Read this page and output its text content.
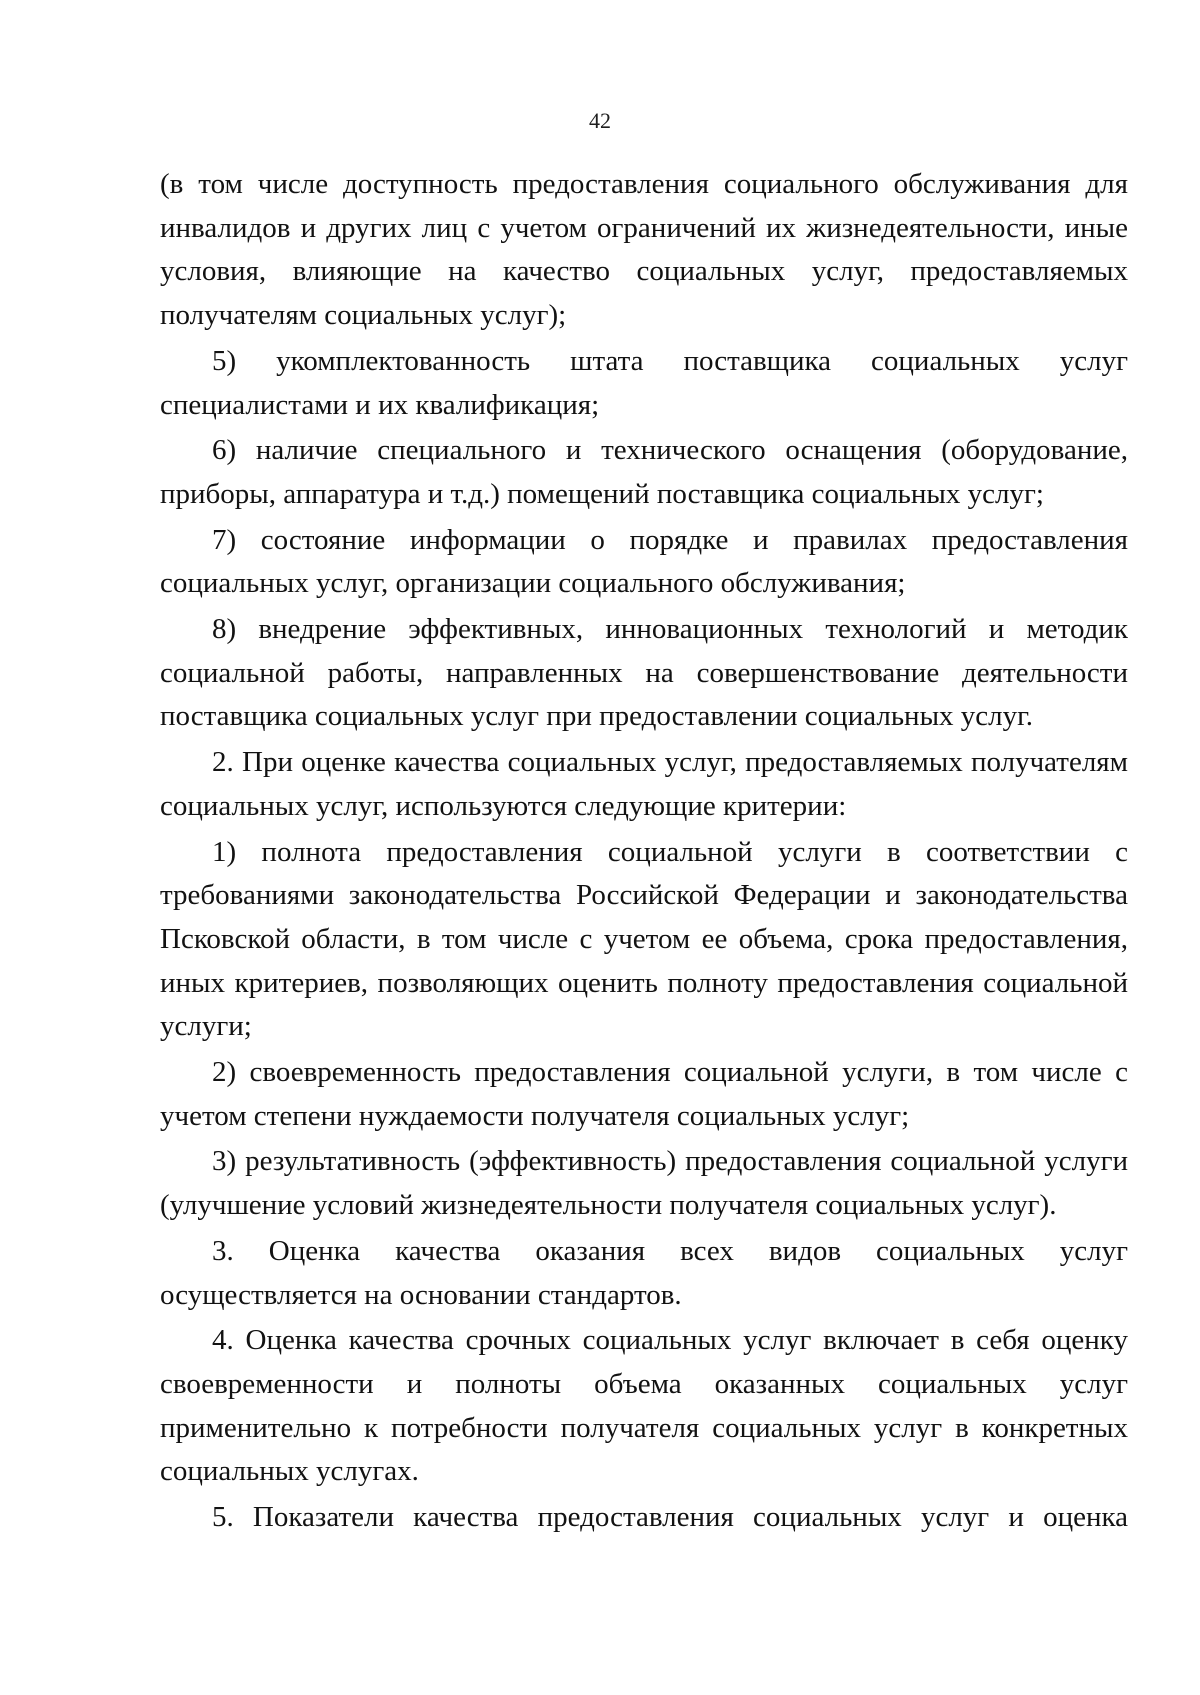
42

(в том числе доступность предоставления социального обслуживания для инвалидов и других лиц с учетом ограничений их жизнедеятельности, иные условия, влияющие на качество социальных услуг, предоставляемых получателям социальных услуг);

5) укомплектованность штата поставщика социальных услуг специалистами и их квалификация;

6) наличие специального и технического оснащения (оборудование, приборы, аппаратура и т.д.) помещений поставщика социальных услуг;

7) состояние информации о порядке и правилах предоставления социальных услуг, организации социального обслуживания;

8) внедрение эффективных, инновационных технологий и методик социальной работы, направленных на совершенствование деятельности поставщика социальных услуг при предоставлении социальных услуг.

2. При оценке качества социальных услуг, предоставляемых получателям социальных услуг, используются следующие критерии:

1) полнота предоставления социальной услуги в соответствии с требованиями законодательства Российской Федерации и законодательства Псковской области, в том числе с учетом ее объема, срока предоставления, иных критериев, позволяющих оценить полноту предоставления социальной услуги;

2) своевременность предоставления социальной услуги, в том числе с учетом степени нуждаемости получателя социальных услуг;

3) результативность (эффективность) предоставления социальной услуги (улучшение условий жизнедеятельности получателя социальных услуг).

3. Оценка качества оказания всех видов социальных услуг осуществляется на основании стандартов.

4. Оценка качества срочных социальных услуг включает в себя оценку своевременности и полноты объема оказанных социальных услуг применительно к потребности получателя социальных услуг в конкретных социальных услугах.

5. Показатели качества предоставления социальных услуг и оценка
